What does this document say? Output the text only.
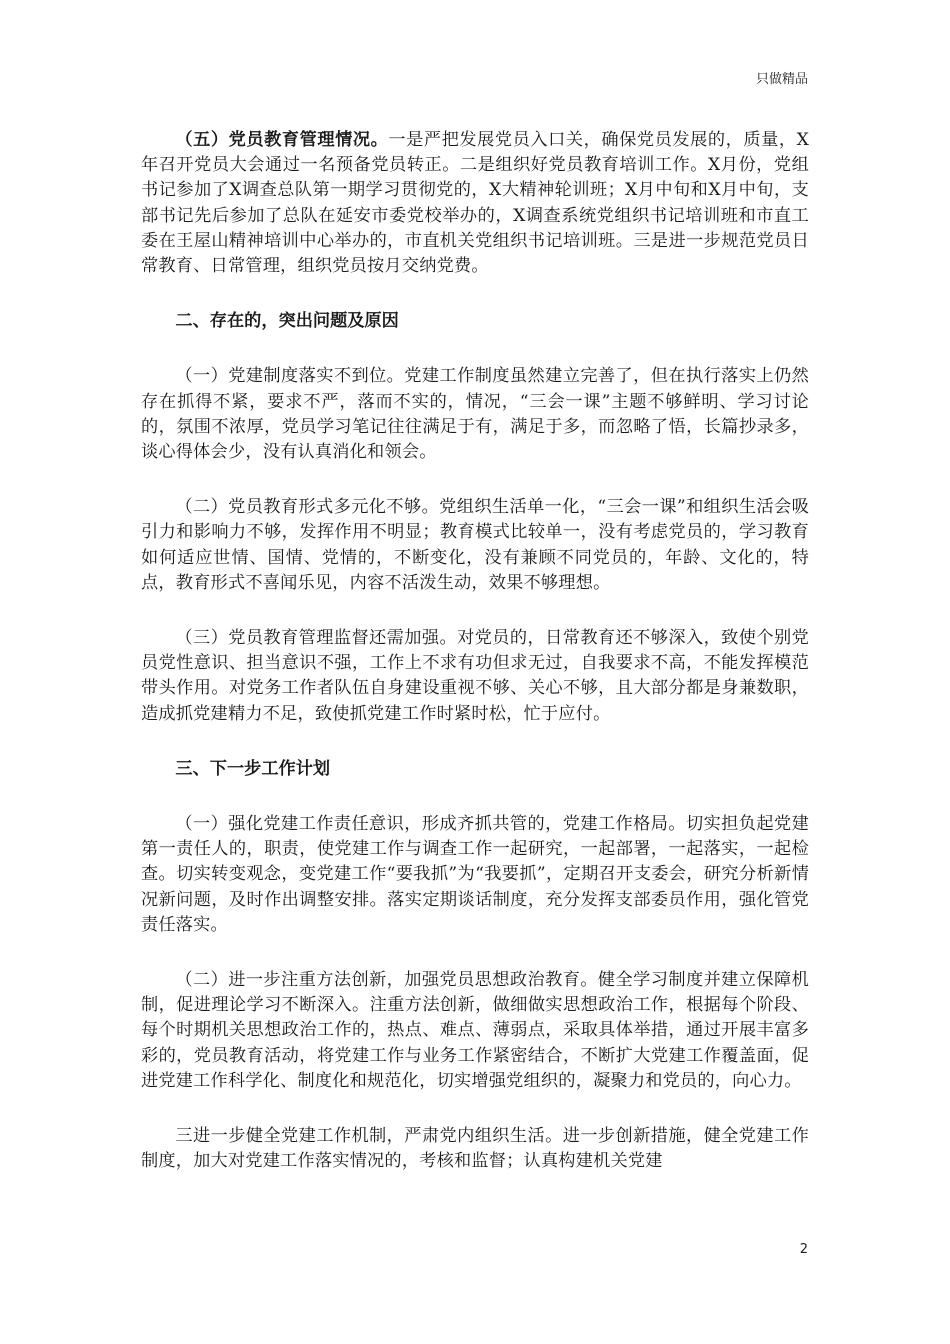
只做精品

（五）党员教育管理情况。一是严把发展党员入口关，确保党员发展的，质量，X年召开党员大会通过一名预备党员转正。二是组织好党员教育培训工作。X月份，党组书记参加了X调查总队第一期学习贯彻党的，X大精神轮训班；X月中旬和X月中旬，支部书记先后参加了总队在延安市委党校举办的，X调查系统党组织书记培训班和市直工委在王屋山精神培训中心举办的，市直机关党组织书记培训班。三是进一步规范党员日常教育、日常管理，组织党员按月交纳党费。

二、存在的，突出问题及原因

（一）党建制度落实不到位。党建工作制度虽然建立完善了，但在执行落实上仍然存在抓得不紧，要求不严，落而不实的，情况，“三会一课”主题不够鲜明、学习讨论的，氛围不浓厚，党员学习笔记往往满足于有，满足于多，而忽略了悟，长篇抄录多，谈心得体会少，没有认真消化和领会。

（二）党员教育形式多元化不够。党组织生活单一化，“三会一课”和组织生活会吸引力和影响力不够，发挥作用不明显；教育模式比较单一，没有考虑党员的，学习教育如何适应世情、国情、党情的，不断变化，没有兼顾不同党员的，年龄、文化的，特点，教育形式不喜闻乐见，内容不活泼生动，效果不够理想。

（三）党员教育管理监督还需加强。对党员的，日常教育还不够深入，致使个别党员党性意识、担当意识不强，工作上不求有功但求无过，自我要求不高，不能发挥模范带头作用。对党务工作者队伍自身建设重视不够、关心不够，且大部分都是身兼数职，造成抓党建精力不足，致使抓党建工作时紧时松，忙于应付。

三、下一步工作计划

（一）强化党建工作责任意识，形成齐抓共管的，党建工作格局。切实担负起党建第一责任人的，职责，使党建工作与调查工作一起研究，一起部署，一起落实，一起检查。切实转变观念，变党建工作“要我抓”为“我要抓”，定期召开支委会，研究分析新情况新问题，及时作出调整安排。落实定期谈话制度，充分发挥支部委员作用，强化管党责任落实。

（二）进一步注重方法创新，加强党员思想政治教育。健全学习制度并建立保障机制，促进理论学习不断深入。注重方法创新，做细做实思想政治工作，根据每个阶段、每个时期机关思想政治工作的，热点、难点、薄弱点，采取具体举措，通过开展丰富多彩的，党员教育活动，将党建工作与业务工作紧密结合，不断扩大党建工作覆盖面，促进党建工作科学化、制度化和规范化，切实增强党组织的，凝聚力和党员的，向心力。

三进一步健全党建工作机制，严肃党内组织生活。进一步创新措施，健全党建工作制度，加大对党建工作落实情况的，考核和监督；认真构建机关党建

2
